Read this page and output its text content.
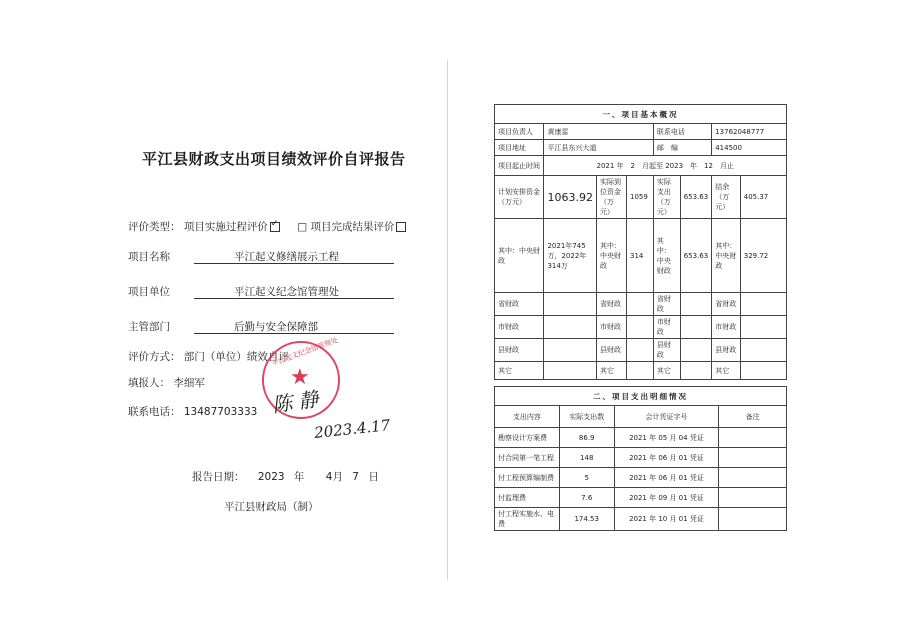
平江县财政支出项目绩效评价自评报告
评价类型： 项目实施过程评价 ✓	□ 项目完成结果评价
项目名称	平江起义修缮展示工程
项目单位	平江起义纪念馆管理处
主管部门	后勤与安全保障部
评价方式： 部门（单位）绩效自评
填报人： 李细军
联系电话： 13487703333
平江起义纪念馆管理处
★
陈 静
2023.4.17
报告日期： 2023 年 4月 7 日
平江县财政局（制）
一、项目基本概况							
项目负责人	黄康雷			联系电话		13762048777	
项目地址	平江县东兴大道			邮　编		414500	
项目起止时间	2021 年　2　月起至 2023　年　12　月止						
计划安排资金（万元）	1063.92	实际到位资金（万元）	1059	实际支出（万元）	653.63	结余（万元）	405.37
其中：中央财政	2021年745万，2022年314万	其中：中央财政	314	其中：中央财政	653.63	其中：中央财政	329.72
省财政		省财政		省财政		省财政	
市财政		市财政		市财政		市财政	
县财政		县财政		县财政		县财政	
其它		其它		其它		其它	
二、项目支出明细情况			
支出内容	实际支出数	会计凭证字号	备注
勘察设计方案费	86.9	2021 年 05 月 04 凭证	
付合同第一笔工程	148	2021 年 06 月 01 凭证	
付工程预算编制费	5	2021 年 06 月 01 凭证	
付监理费	7.6	2021 年 09 月 01 凭证	
付工程实施水、电费	174.53	2021 年 10 月 01 凭证	
